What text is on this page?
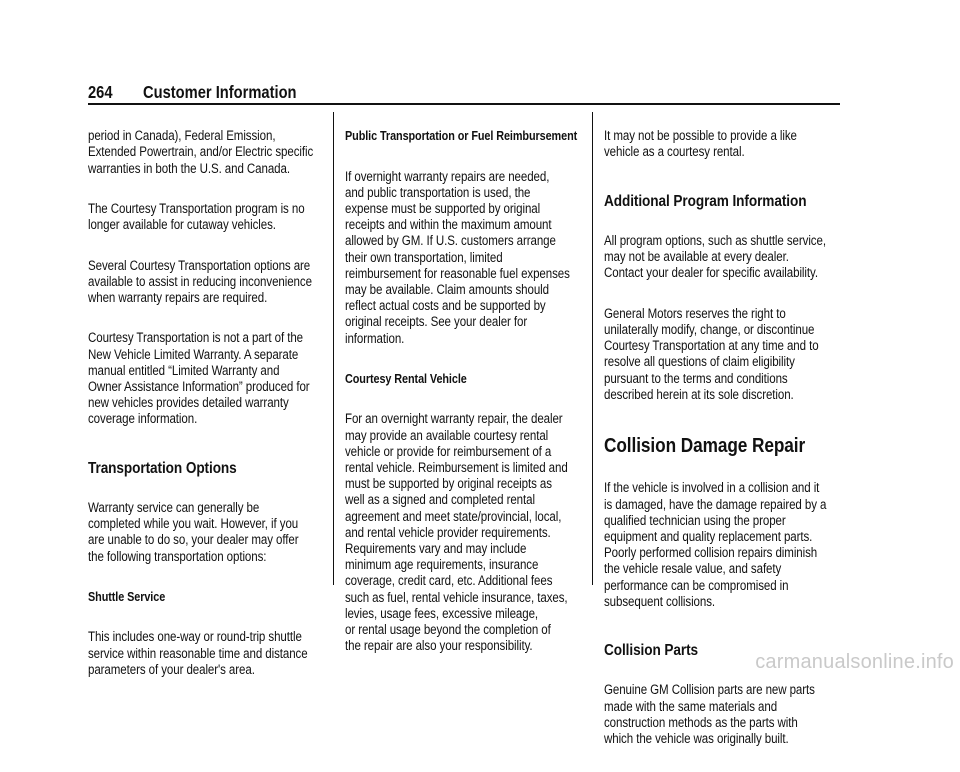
264 Customer Information

period in Canada), Federal Emission,
Extended Powertrain, and/or Electric specific
warranties in both the U.S. and Canada.

The Courtesy Transportation program is no
longer available for cutaway vehicles.

Several Courtesy Transportation options are
available to assist in reducing inconvenience
when warranty repairs are required.

Courtesy Transportation is not a part of the
New Vehicle Limited Warranty. A separate
manual entitled “Limited Warranty and
Owner Assistance Information” produced for
new vehicles provides detailed warranty
coverage information.

Transportation Options

Warranty service can generally be
completed while you wait. However, if you
are unable to do so, your dealer may offer
the following transportation options:

Shuttle Service

This includes one-way or round-trip shuttle
service within reasonable time and distance
parameters of your dealer's area.

Public Transportation or Fuel Reimbursement

If overnight warranty repairs are needed,
and public transportation is used, the
expense must be supported by original
receipts and within the maximum amount
allowed by GM. If U.S. customers arrange
their own transportation, limited
reimbursement for reasonable fuel expenses
may be available. Claim amounts should
reflect actual costs and be supported by
original receipts. See your dealer for
information.

Courtesy Rental Vehicle

For an overnight warranty repair, the dealer
may provide an available courtesy rental
vehicle or provide for reimbursement of a
rental vehicle. Reimbursement is limited and
must be supported by original receipts as
well as a signed and completed rental
agreement and meet state/provincial, local,
and rental vehicle provider requirements.
Requirements vary and may include
minimum age requirements, insurance
coverage, credit card, etc. Additional fees
such as fuel, rental vehicle insurance, taxes,
levies, usage fees, excessive mileage,
or rental usage beyond the completion of
the repair are also your responsibility.

It may not be possible to provide a like
vehicle as a courtesy rental.

Additional Program Information

All program options, such as shuttle service,
may not be available at every dealer.
Contact your dealer for specific availability.

General Motors reserves the right to
unilaterally modify, change, or discontinue
Courtesy Transportation at any time and to
resolve all questions of claim eligibility
pursuant to the terms and conditions
described herein at its sole discretion.

Collision Damage Repair

If the vehicle is involved in a collision and it
is damaged, have the damage repaired by a
qualified technician using the proper
equipment and quality replacement parts.
Poorly performed collision repairs diminish
the vehicle resale value, and safety
performance can be compromised in
subsequent collisions.

Collision Parts

Genuine GM Collision parts are new parts
made with the same materials and
construction methods as the parts with
which the vehicle was originally built.

carmanualsonline.info
